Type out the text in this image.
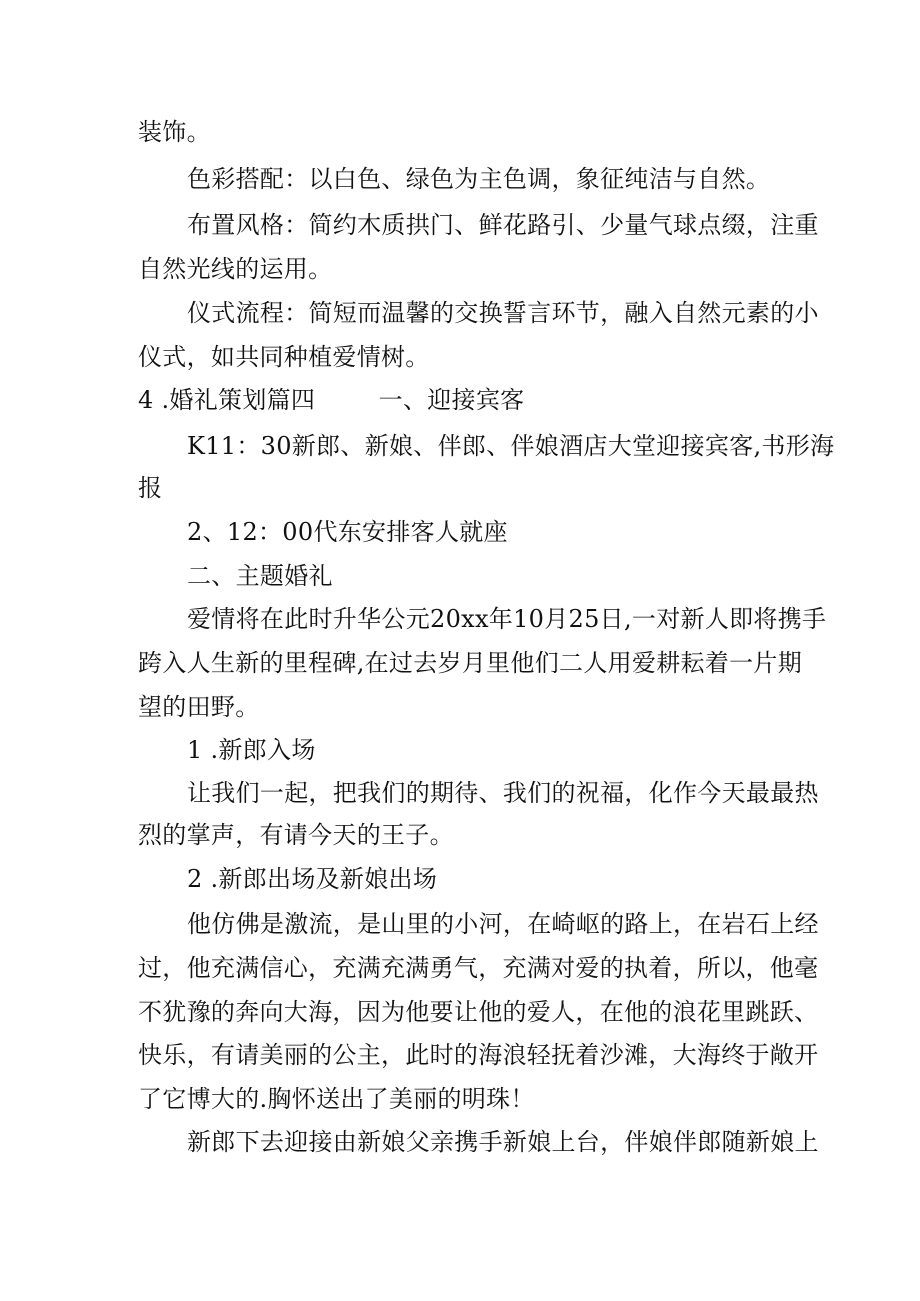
装饰。
色彩搭配：以白色、绿色为主色调，象征纯洁与自然。
布置风格：简约木质拱门、鲜花路引、少量气球点缀，注重
自然光线的运用。
仪式流程：简短而温馨的交换誓言环节，融入自然元素的小
仪式，如共同种植爱情树。
4 .婚礼策划篇四        一、迎接宾客
K11：30新郎、新娘、伴郎、伴娘酒店大堂迎接宾客,书形海
报
2、12：00代东安排客人就座
二、主题婚礼
爱情将在此时升华公元20xx年10月25日,一对新人即将携手
跨入人生新的里程碑,在过去岁月里他们二人用爱耕耘着一片期
望的田野。
1 .新郎入场
让我们一起，把我们的期待、我们的祝福，化作今天最最热
烈的掌声，有请今天的王子。
2 .新郎出场及新娘出场
他仿佛是激流，是山里的小河，在崎岖的路上，在岩石上经
过，他充满信心，充满充满勇气，充满对爱的执着，所以，他毫
不犹豫的奔向大海，因为他要让他的爱人，在他的浪花里跳跃、
快乐，有请美丽的公主，此时的海浪轻抚着沙滩，大海终于敞开
了它博大的.胸怀送出了美丽的明珠！
新郎下去迎接由新娘父亲携手新娘上台，伴娘伴郎随新娘上
